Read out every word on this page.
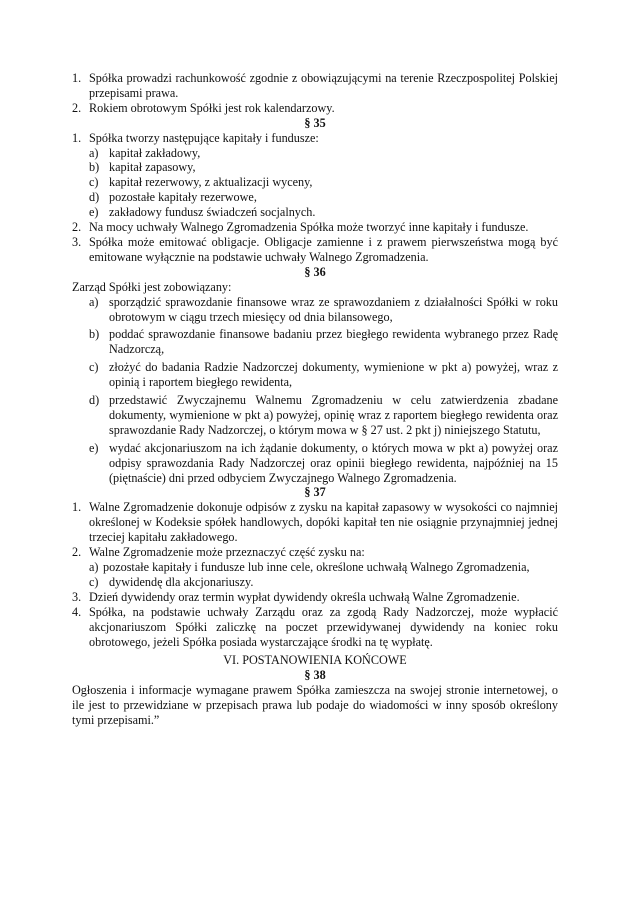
1. Spółka prowadzi rachunkowość zgodnie z obowiązującymi na terenie Rzeczpospolitej Polskiej przepisami prawa.
2. Rokiem obrotowym Spółki jest rok kalendarzowy.

§ 35

1. Spółka tworzy następujące kapitały i fundusze:
a) kapitał zakładowy,
b) kapitał zapasowy,
c) kapitał rezerwowy, z aktualizacji wyceny,
d) pozostałe kapitały rezerwowe,
e) zakładowy fundusz świadczeń socjalnych.
2. Na mocy uchwały Walnego Zgromadzenia Spółka może tworzyć inne kapitały i fundusze.
3. Spółka może emitować obligacje. Obligacje zamienne i z prawem pierwszeństwa mogą być emitowane wyłącznie na podstawie uchwały Walnego Zgromadzenia.

§ 36

Zarząd Spółki jest zobowiązany:

a) sporządzić sprawozdanie finansowe wraz ze sprawozdaniem z działalności Spółki w roku obrotowym w ciągu trzech miesięcy od dnia bilansowego,
b) poddać sprawozdanie finansowe badaniu przez biegłego rewidenta wybranego przez Radę Nadzorczą,
c) złożyć do badania Radzie Nadzorczej dokumenty, wymienione w pkt a) powyżej, wraz z opinią i raportem biegłego rewidenta,
d) przedstawić Zwyczajnemu Walnemu Zgromadzeniu w celu zatwierdzenia zbadane dokumenty, wymienione w pkt a) powyżej, opinię wraz z raportem biegłego rewidenta oraz sprawozdanie Rady Nadzorczej, o którym mowa w § 27 ust. 2 pkt j) niniejszego Statutu,
e) wydać akcjonariuszom na ich żądanie dokumenty, o których mowa w pkt a) powyżej oraz odpisy sprawozdania Rady Nadzorczej oraz opinii biegłego rewidenta, najpóźniej na 15 (piętnaście) dni przed odbyciem Zwyczajnego Walnego Zgromadzenia.

§ 37

1. Walne Zgromadzenie dokonuje odpisów z zysku na kapitał zapasowy w wysokości co najmniej określonej w Kodeksie spółek handlowych, dopóki kapitał ten nie osiągnie przynajmniej jednej trzeciej kapitału zakładowego.
2. Walne Zgromadzenie może przeznaczyć część zysku na:
a) pozostałe kapitały i fundusze lub inne cele, określone uchwałą Walnego Zgromadzenia,
c) dywidendę dla akcjonariuszy.
3. Dzień dywidendy oraz termin wypłat dywidendy określa uchwałą Walne Zgromadzenie.
4. Spółka, na podstawie uchwały Zarządu oraz za zgodą Rady Nadzorczej, może wypłacić akcjonariuszom Spółki zaliczkę na poczet przewidywanej dywidendy na koniec roku obrotowego, jeżeli Spółka posiada wystarczające środki na tę wypłatę.

VI. POSTANOWIENIA KOŃCOWE

§ 38

Ogłoszenia i informacje wymagane prawem Spółka zamieszcza na swojej stronie internetowej, o ile jest to przewidziane w przepisach prawa lub podaje do wiadomości w inny sposób określony tymi przepisami.”
